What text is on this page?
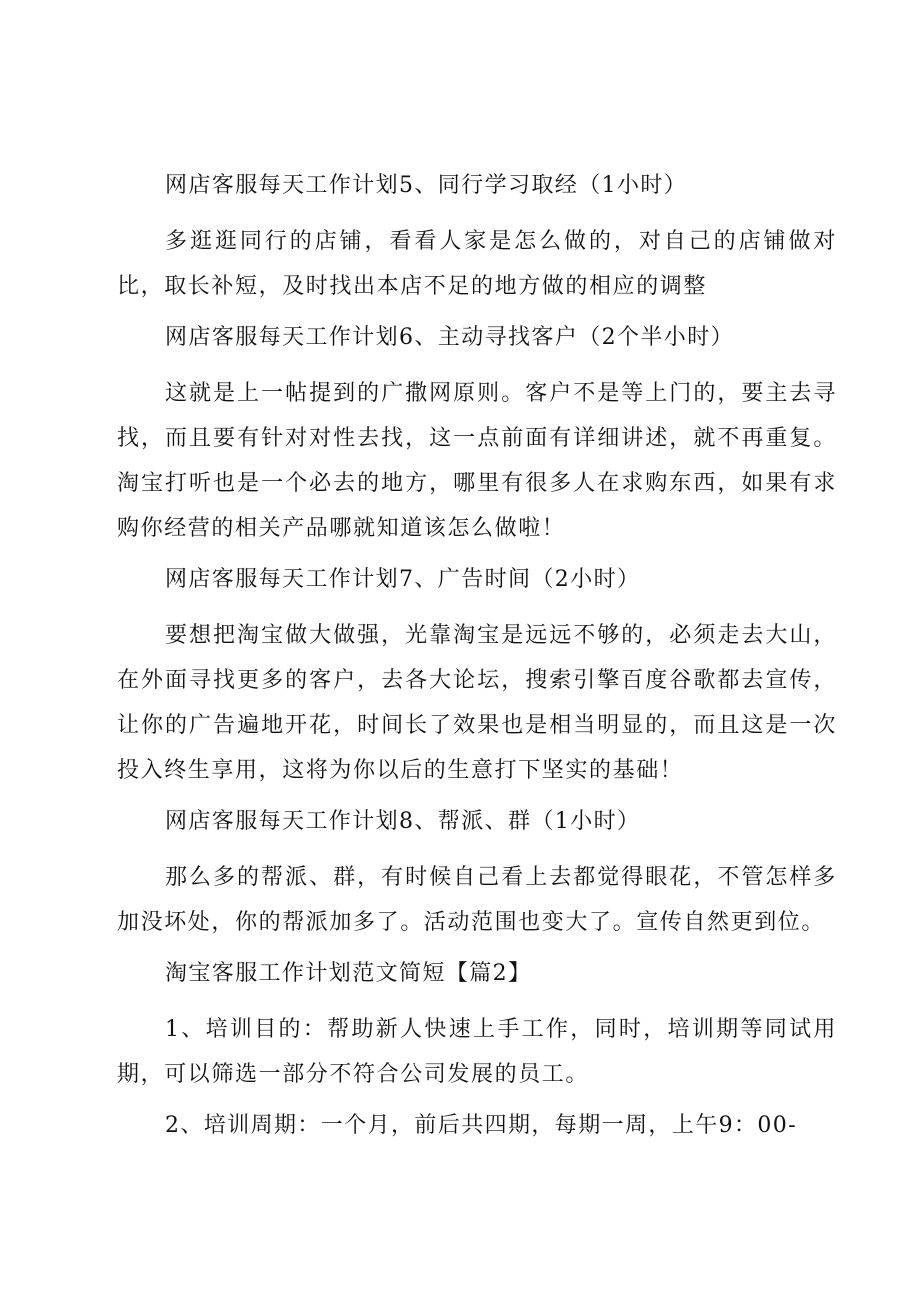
网店客服每天工作计划5、同行学习取经（1小时）

多逛逛同行的店铺，看看人家是怎么做的，对自己的店铺做对比，取长补短，及时找出本店不足的地方做的相应的调整

网店客服每天工作计划6、主动寻找客户（2个半小时）

这就是上一帖提到的广撒网原则。客户不是等上门的，要主去寻找，而且要有针对对性去找，这一点前面有详细讲述，就不再重复。淘宝打听也是一个必去的地方，哪里有很多人在求购东西，如果有求购你经营的相关产品哪就知道该怎么做啦！

网店客服每天工作计划7、广告时间（2小时）

要想把淘宝做大做强，光靠淘宝是远远不够的，必须走去大山，在外面寻找更多的客户，去各大论坛，搜索引擎百度谷歌都去宣传，让你的广告遍地开花，时间长了效果也是相当明显的，而且这是一次投入终生享用，这将为你以后的生意打下坚实的基础！

网店客服每天工作计划8、帮派、群（1小时）

那么多的帮派、群，有时候自己看上去都觉得眼花，不管怎样多加没坏处，你的帮派加多了。活动范围也变大了。宣传自然更到位。

淘宝客服工作计划范文简短【篇2】

1、培训目的：帮助新人快速上手工作，同时，培训期等同试用期，可以筛选一部分不符合公司发展的员工。

2、培训周期：一个月，前后共四期，每期一周，上午9：00-
